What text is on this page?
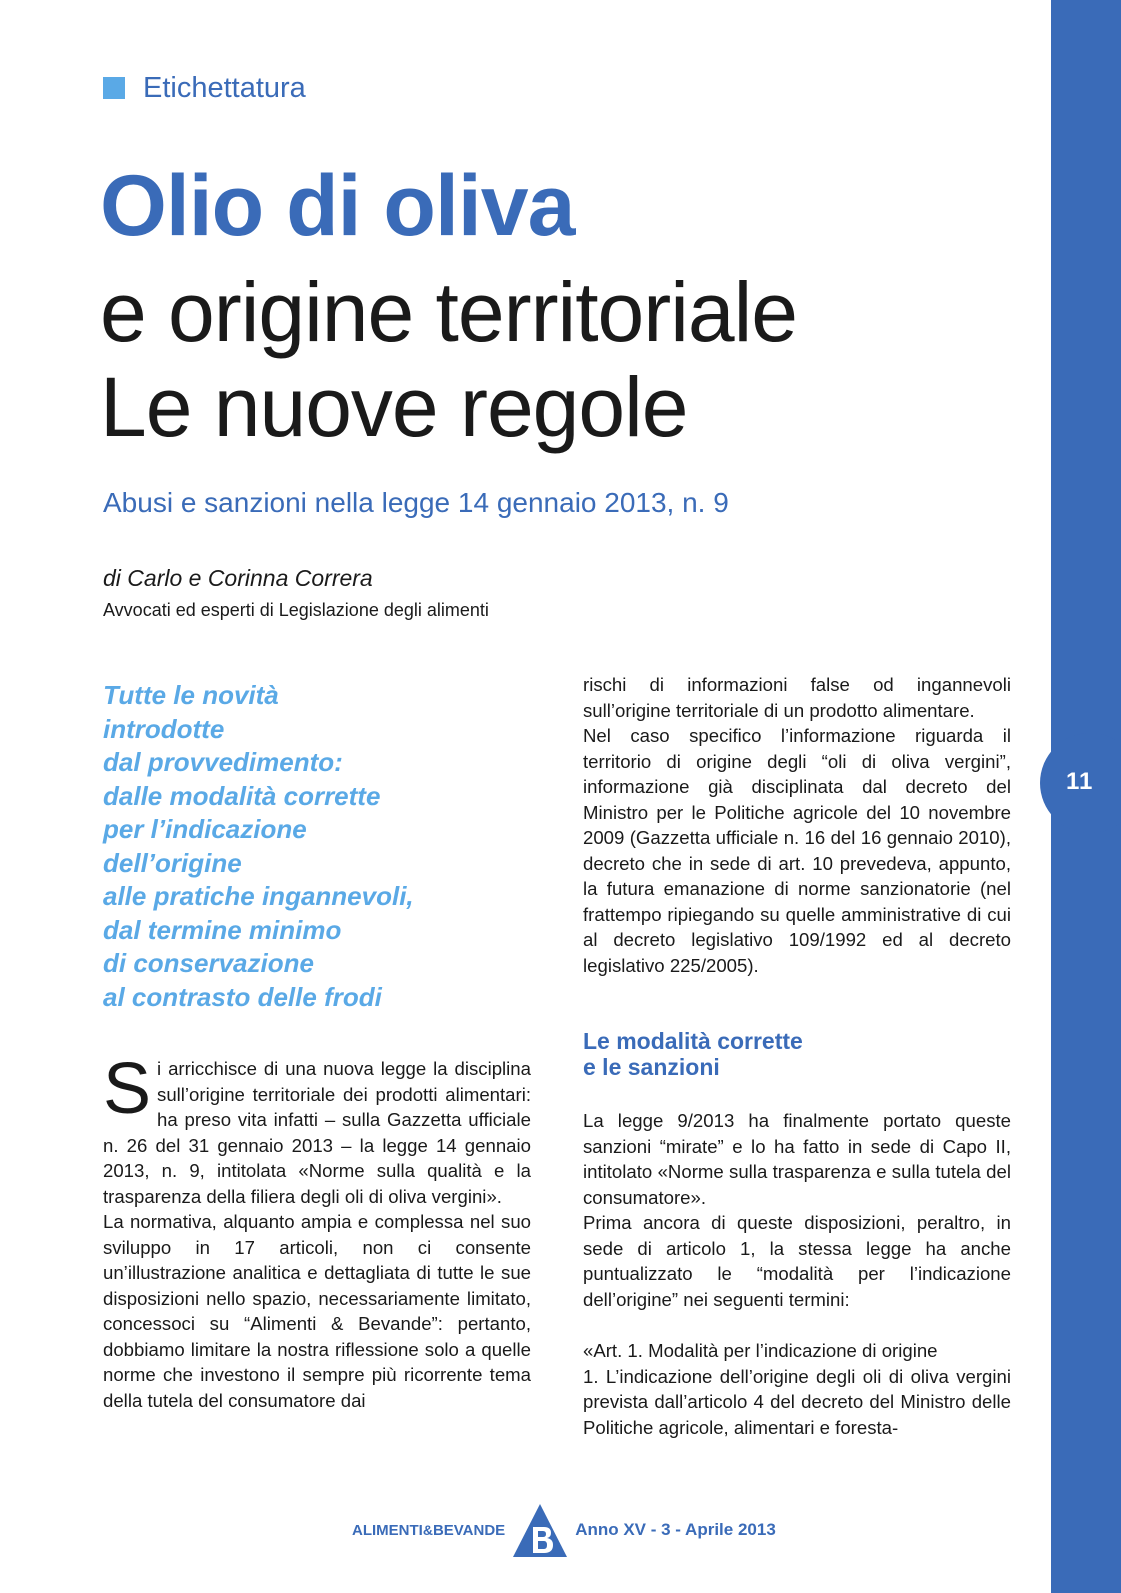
11
Etichettatura
Olio di oliva
e origine territoriale
Le nuove regole
Abusi e sanzioni nella legge 14 gennaio 2013, n. 9
di Carlo e Corinna Correra
Avvocati ed esperti di Legislazione degli alimenti
Tutte le novità
introdotte
dal provvedimento:
dalle modalità corrette
per l’indicazione
dell’origine
alle pratiche ingannevoli,
dal termine minimo
di conservazione
al contrasto delle frodi

Si arricchisce di una nuova legge la disciplina sull’origine territoriale dei prodotti alimentari: ha preso vita infatti – sulla Gazzetta ufficiale n. 26 del 31 gennaio 2013 – la legge 14 gennaio 2013, n. 9, intitolata «Norme sulla qualità e la trasparenza della filiera degli oli di oliva vergini».

La normativa, alquanto ampia e complessa nel suo sviluppo in 17 articoli, non ci consente un’illustrazione analitica e dettagliata di tutte le sue disposizioni nello spazio, necessariamente limitato, concessoci su “Alimenti & Bevande”: pertanto, dobbiamo limitare la nostra riflessione solo a quelle norme che investono il sempre più ricorrente tema della tutela del consumatore dai

rischi di informazioni false od ingannevoli sull’origine territoriale di un prodotto alimentare.

Nel caso specifico l’informazione riguarda il territorio di origine degli “oli di oliva vergini”, informazione già disciplinata dal decreto del Ministro per le Politiche agricole del 10 novembre 2009 (Gazzetta ufficiale n. 16 del 16 gennaio 2010), decreto che in sede di art. 10 prevedeva, appunto, la futura emanazione di norme sanzionatorie (nel frattempo ripiegando su quelle amministrative di cui al decreto legislativo 109/1992 ed al decreto legislativo 225/2005).

Le modalità corrette
e le sanzioni

La legge 9/2013 ha finalmente portato queste sanzioni “mirate” e lo ha fatto in sede di Capo II, intitolato «Norme sulla trasparenza e sulla tutela del consumatore».

Prima ancora di queste disposizioni, peraltro, in sede di articolo 1, la stessa legge ha anche puntualizzato le “modalità per l’indicazione dell’origine” nei seguenti termini:

«Art. 1. Modalità per l’indicazione di origine

1. L’indicazione dell’origine degli oli di oliva vergini prevista dall’articolo 4 del decreto del Ministro delle Politiche agricole, alimentari e foresta-

ALIMENTI&BEVANDE	Anno XV - 3 - Aprile 2013
